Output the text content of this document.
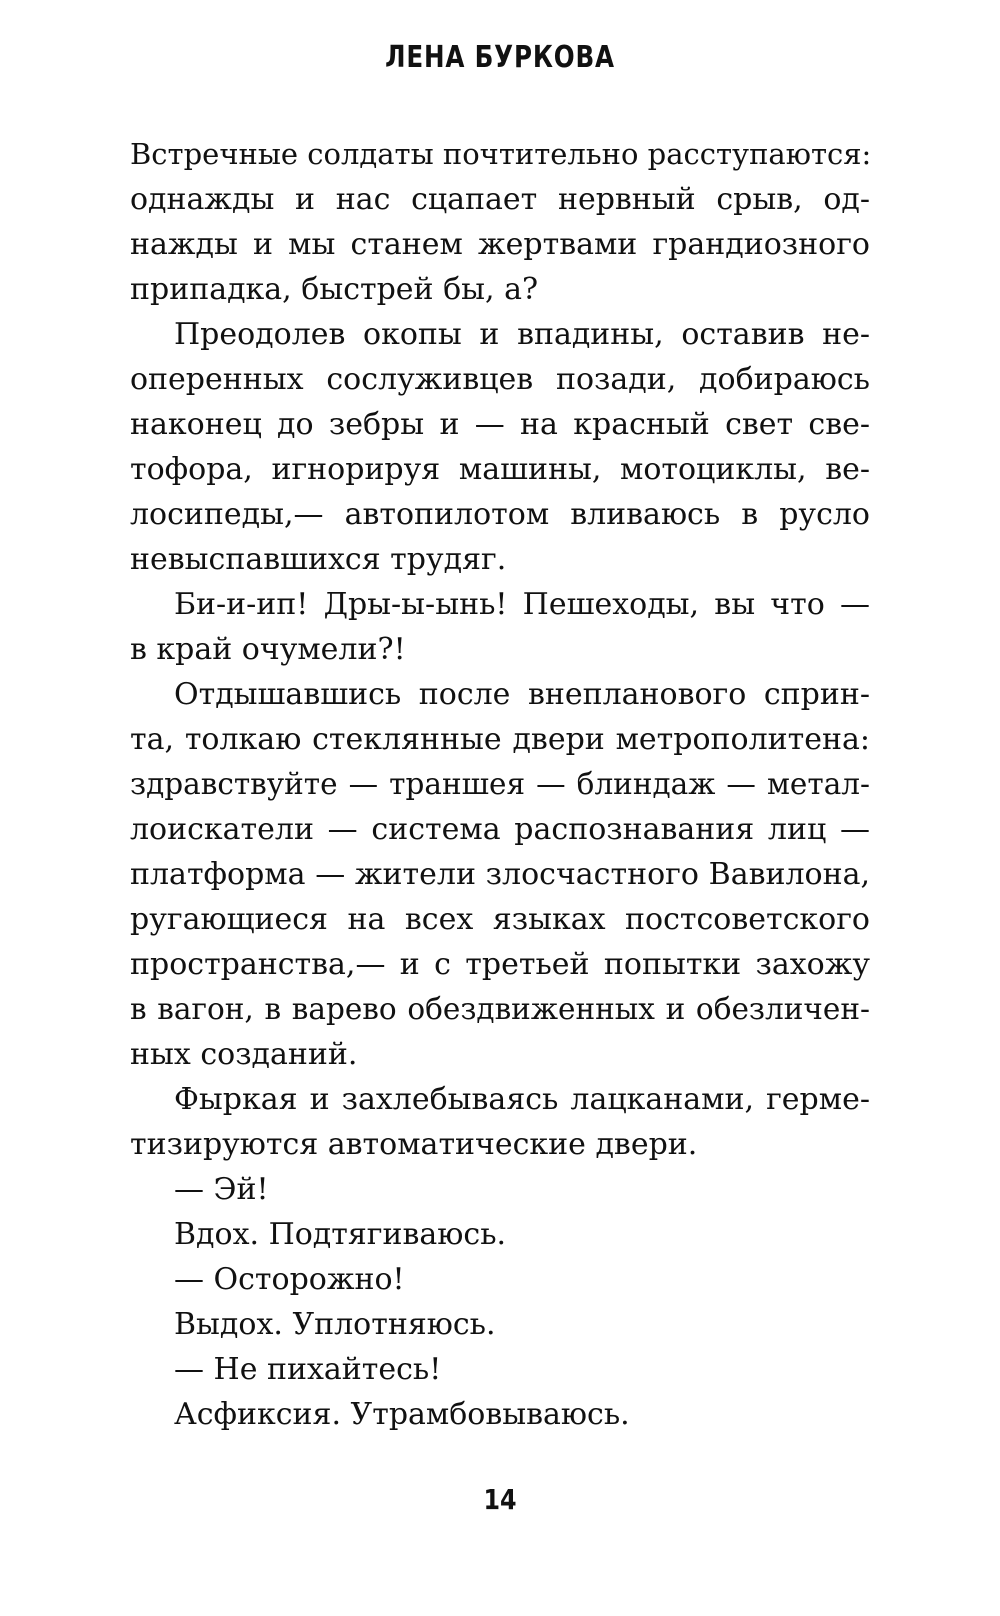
ЛЕНА БУРКОВА
Встречные солдаты почтительно расступаются:
однажды и нас сцапает нервный срыв, од-
нажды и мы станем жертвами грандиозного
припадка, быстрей бы, а?
Преодолев окопы и впадины, оставив не-
оперенных сослуживцев позади, добираюсь
наконец до зебры и — на красный свет све-
тофора, игнорируя машины, мотоциклы, ве-
лосипеды,— автопилотом вливаюсь в русло
невыспавшихся трудяг.
Би-и-ип! Дры-ы-ынь! Пешеходы, вы что —
в край очумели?!
Отдышавшись после внепланового сприн-
та, толкаю стеклянные двери метрополитена:
здравствуйте — траншея — блиндаж — метал-
лоискатели — система распознавания лиц —
платформа — жители злосчастного Вавилона,
ругающиеся на всех языках постсоветского
пространства,— и с третьей попытки захожу
в вагон, в варево обездвиженных и обезличен-
ных созданий.
Фыркая и захлебываясь лацканами, герме-
тизируются автоматические двери.
— Эй!
Вдох. Подтягиваюсь.
— Осторожно!
Выдох. Уплотняюсь.
— Не пихайтесь!
Асфиксия. Утрамбовываюсь.
14
